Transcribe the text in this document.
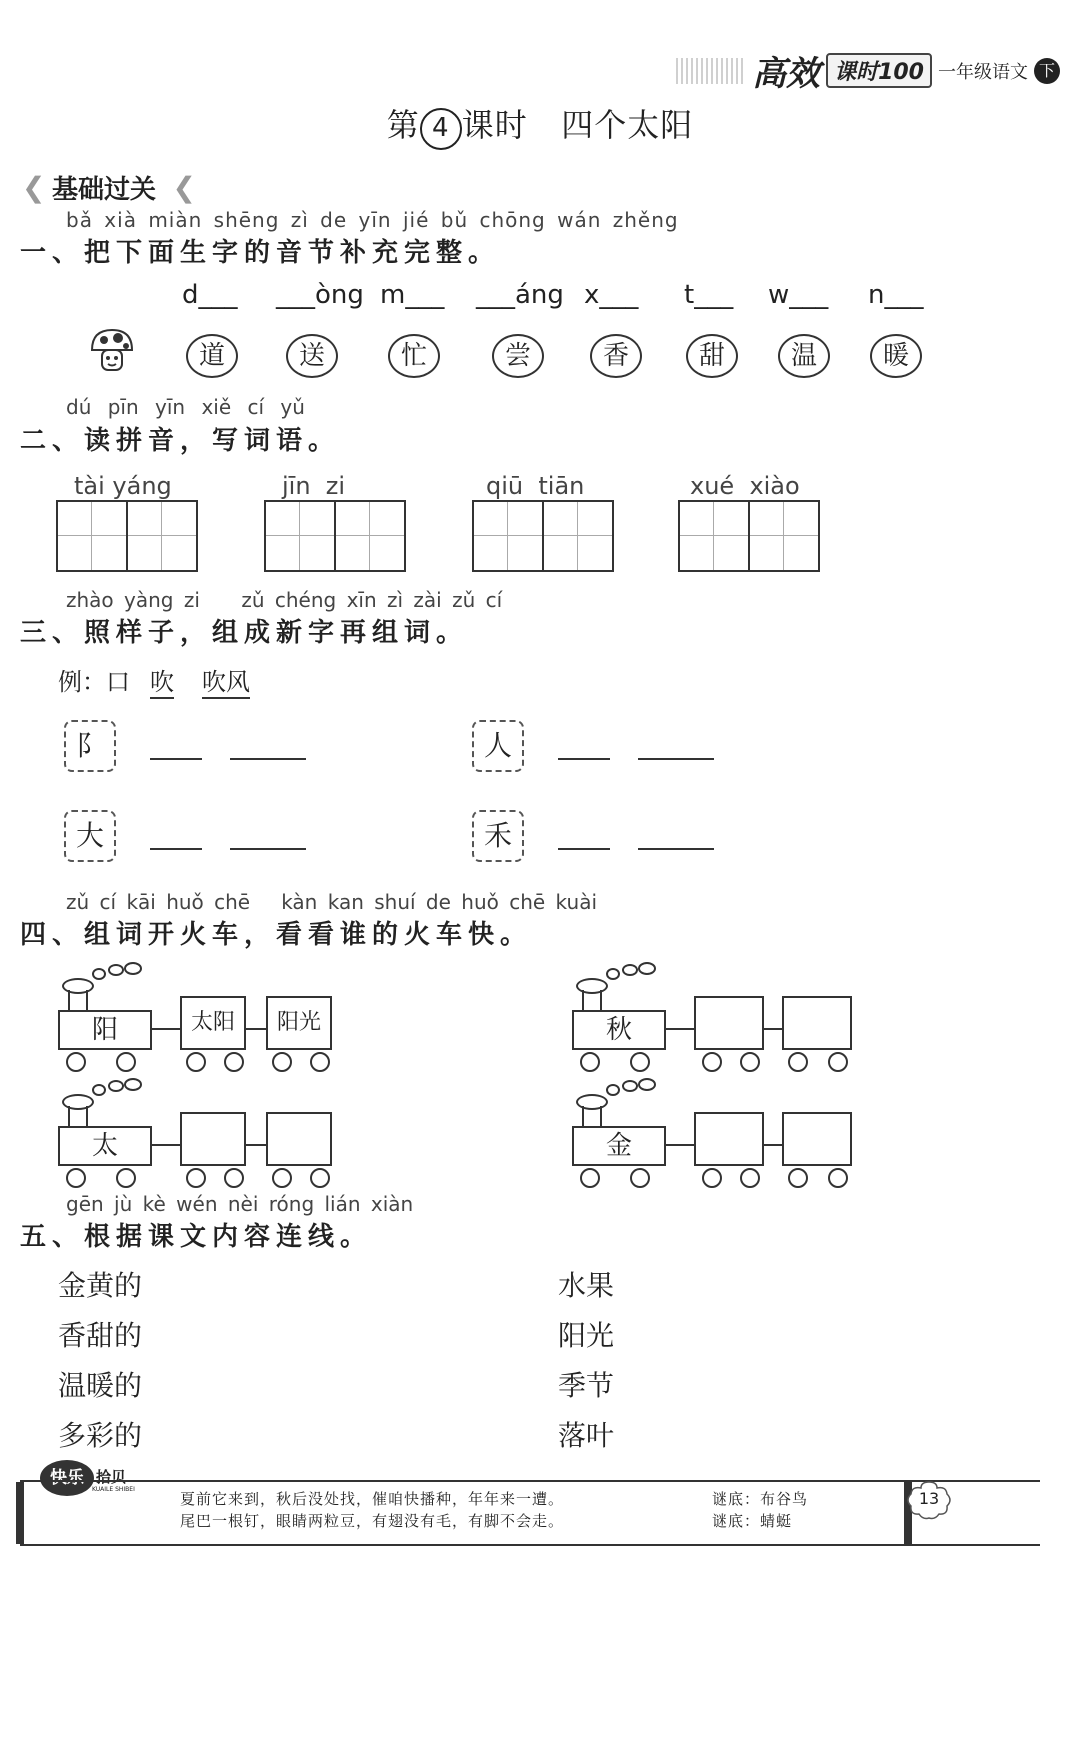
高效 课时100 一年级语文 下
第 4 课时 四个太阳
❮ 基础过关 ❮
bǎ xià miàn shēng zì de yīn jié bǔ chōng wán zhěng
一、把下面生字的音节补充完整。
d___ ___òng m___ ___áng x___ t___ w___ n___
道	送	忙	尝	香	甜	温	暖
dú pīn yīn xiě cí yǔ
二、读拼音，写词语。
tài yáng	jīn  zi	qiū  tiān	xué  xiào
zhào yàng zi    zǔ chéng xīn zì zài zǔ cí
三、照样子，组成新字再组词。
例：口 吹 吹风
阝	人
大	禾
zǔ cí kāi huǒ chē   kàn kan shuí de huǒ chē kuài
四、组词开火车，看看谁的火车快。
阳	太阳	阳光	秋
太	金
gēn jù kè wén nèi róng lián xiàn
五、根据课文内容连线。
金黄的
香甜的
温暖的
多彩的
水果
阳光
季节
落叶
快乐 拾贝
KUAILE SHIBEI
夏前它来到，秋后没处找，催咱快播种，年年来一遭。
尾巴一根钉，眼睛两粒豆，有翅没有毛，有脚不会走。
谜底：布谷鸟
谜底：蜻蜓
13
